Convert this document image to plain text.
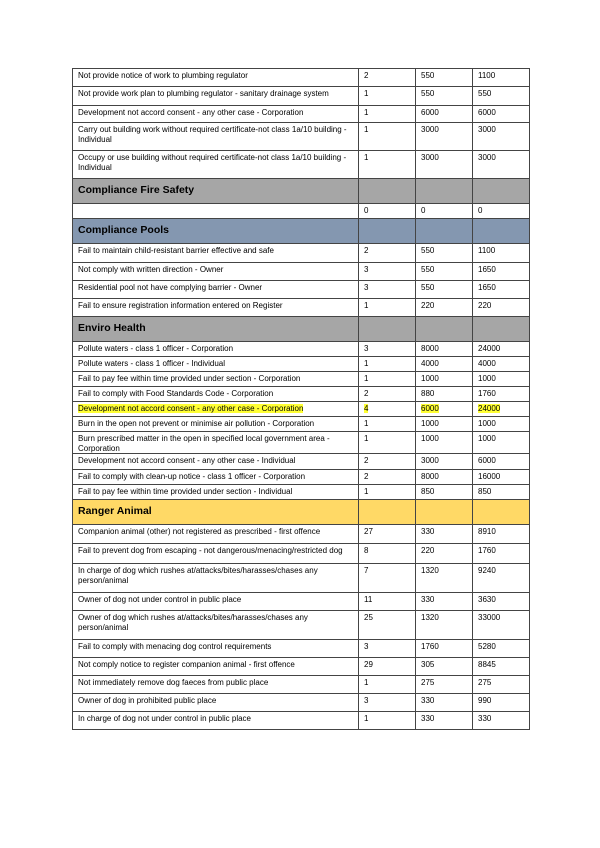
Not provide notice of work to plumbing regulator	2	550	1100
Not provide work plan to plumbing regulator - sanitary drainage system	1	550	550
Development not accord consent - any other case - Corporation	1	6000	6000
Carry out building work without required certificate-not class 1a/10 building - Individual	1	3000	3000
Occupy or use building without required certificate-not class 1a/10 building - Individual	1	3000	3000
Compliance Fire Safety			
	0	0	0
Compliance Pools			
Fail to maintain child-resistant barrier effective and safe	2	550	1100
Not comply with written direction - Owner	3	550	1650
Residential pool not have complying barrier - Owner	3	550	1650
Fail to ensure registration information entered on Register	1	220	220
Enviro Health			
Pollute waters - class 1 officer - Corporation	3	8000	24000
Pollute waters - class 1 officer - Individual	1	4000	4000
Fail to pay fee within time provided under section - Corporation	1	1000	1000
Fail to comply with Food Standards Code - Corporation	2	880	1760
Development not accord consent - any other case - Corporation	4	6000	24000
Burn in the open not prevent or minimise air pollution - Corporation	1	1000	1000
Burn prescribed matter in the open in specified local government area - Corporation	1	1000	1000
Development not accord consent - any other case - Individual	2	3000	6000
Fail to comply with clean-up notice - class 1 officer - Corporation	2	8000	16000
Fail to pay fee within time provided under section - Individual	1	850	850
Ranger Animal			
Companion animal (other) not registered as prescribed - first offence	27	330	8910
Fail to prevent dog from escaping - not dangerous/menacing/restricted dog	8	220	1760
In charge of dog which rushes at/attacks/bites/harasses/chases any person/animal	7	1320	9240
Owner of dog not under control in public place	11	330	3630
Owner of dog which rushes at/attacks/bites/harasses/chases any person/animal	25	1320	33000
Fail to comply with menacing dog control requirements	3	1760	5280
Not comply notice to register companion animal - first offence	29	305	8845
Not immediately remove dog faeces from public place	1	275	275
Owner of dog in prohibited public place	3	330	990
In charge of dog not under control in public place	1	330	330
